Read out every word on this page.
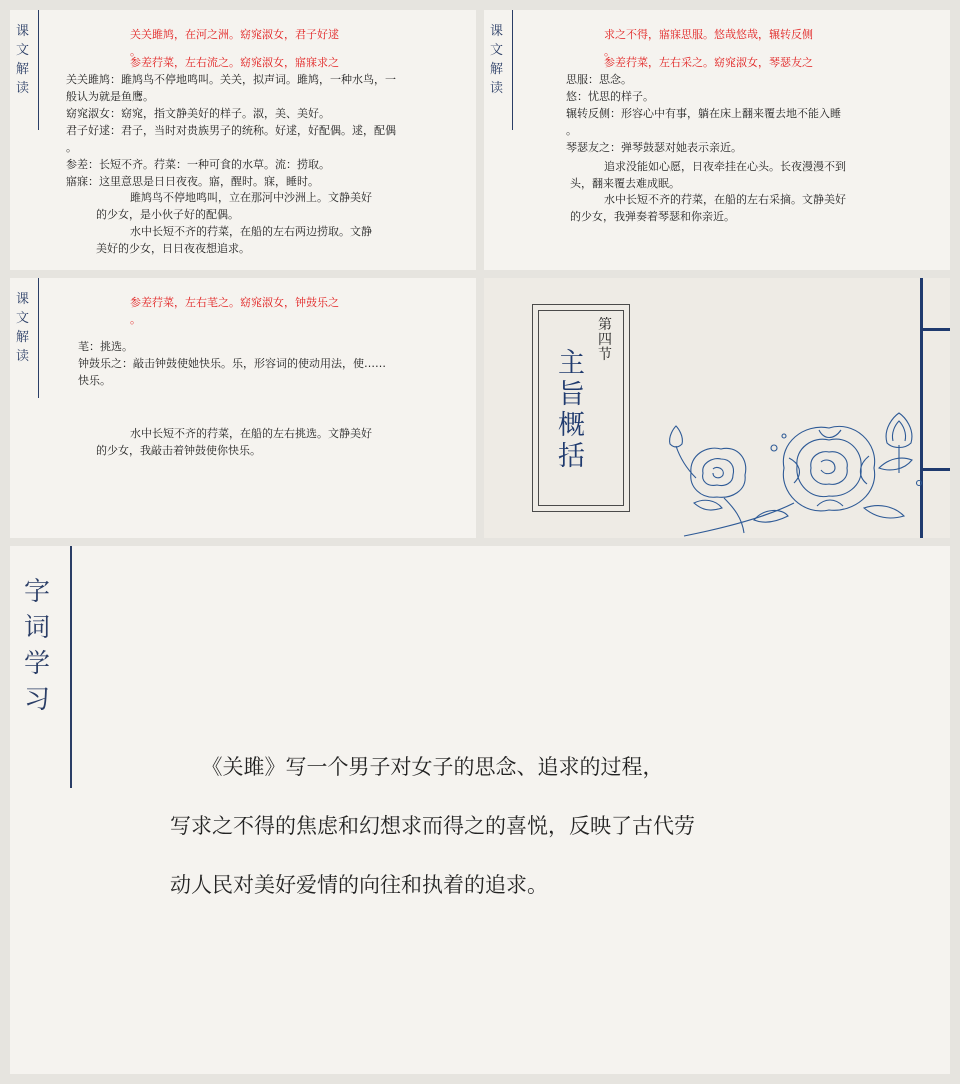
课文解读
关关雎鸠，在河之洲。窈窕淑女，君子好逑
。
参差荇菜，左右流之。窈窕淑女，寤寐求之
关关雎鸠：雎鸠鸟不停地鸣叫。关关，拟声词。雎鸠，一种水鸟，一
般认为就是鱼鹰。
窈窕淑女：窈窕，指文静美好的样子。淑，美、美好。
君子好逑：君子，当时对贵族男子的统称。好逑，好配偶。逑，配偶
。
参差：长短不齐。荇菜：一种可食的水草。流：捞取。
寤寐：这里意思是日日夜夜。寤，醒时。寐，睡时。
雎鸠鸟不停地鸣叫，立在那河中沙洲上。文静美好
的少女，是小伙子好的配偶。
水中长短不齐的荇菜，在船的左右两边捞取。文静
美好的少女，日日夜夜想追求。
课文解读
求之不得，寤寐思服。悠哉悠哉，辗转反侧
。
参差荇菜，左右采之。窈窕淑女，琴瑟友之
思服：思念。
悠：忧思的样子。
辗转反侧：形容心中有事，躺在床上翻来覆去地不能入睡
。
琴瑟友之：弹琴鼓瑟对她表示亲近。
追求没能如心愿，日夜牵挂在心头。长夜漫漫不到
头，翻来覆去难成眠。
水中长短不齐的荇菜，在船的左右采摘。文静美好
的少女，我弹奏着琴瑟和你亲近。
课文解读
参差荇菜，左右芼之。窈窕淑女，钟鼓乐之
。
芼：挑选。
钟鼓乐之：敲击钟鼓使她快乐。乐，形容词的使动用法，使……
快乐。
水中长短不齐的荇菜，在船的左右挑选。文静美好
的少女，我敲击着钟鼓使你快乐。
第四节
主旨概括
字词学习
　　《关雎》写一个男子对女子的思念、追求的过程，
写求之不得的焦虑和幻想求而得之的喜悦，反映了古代劳
动人民对美好爱情的向往和执着的追求。
